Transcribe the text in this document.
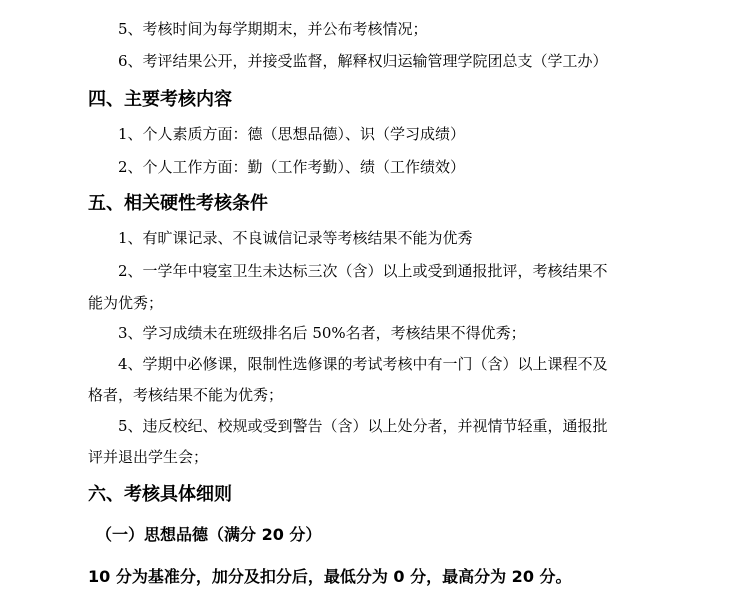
5、考核时间为每学期期末，并公布考核情况；
6、考评结果公开，并接受监督，解释权归运输管理学院团总支（学工办）
四、主要考核内容
1、个人素质方面：德（思想品德）、识（学习成绩）
2、个人工作方面：勤（工作考勤）、绩（工作绩效）
五、相关硬性考核条件
1、有旷课记录、不良诚信记录等考核结果不能为优秀
2、一学年中寝室卫生未达标三次（含）以上或受到通报批评，考核结果不
能为优秀；
3、学习成绩未在班级排名后 50%名者，考核结果不得优秀；
4、学期中必修课，限制性选修课的考试考核中有一门（含）以上课程不及
格者，考核结果不能为优秀；
5、违反校纪、校规或受到警告（含）以上处分者，并视情节轻重，通报批
评并退出学生会；
六、考核具体细则
（一）思想品德（满分 20 分）
10 分为基准分，加分及扣分后，最低分为 0 分，最高分为 20 分。
